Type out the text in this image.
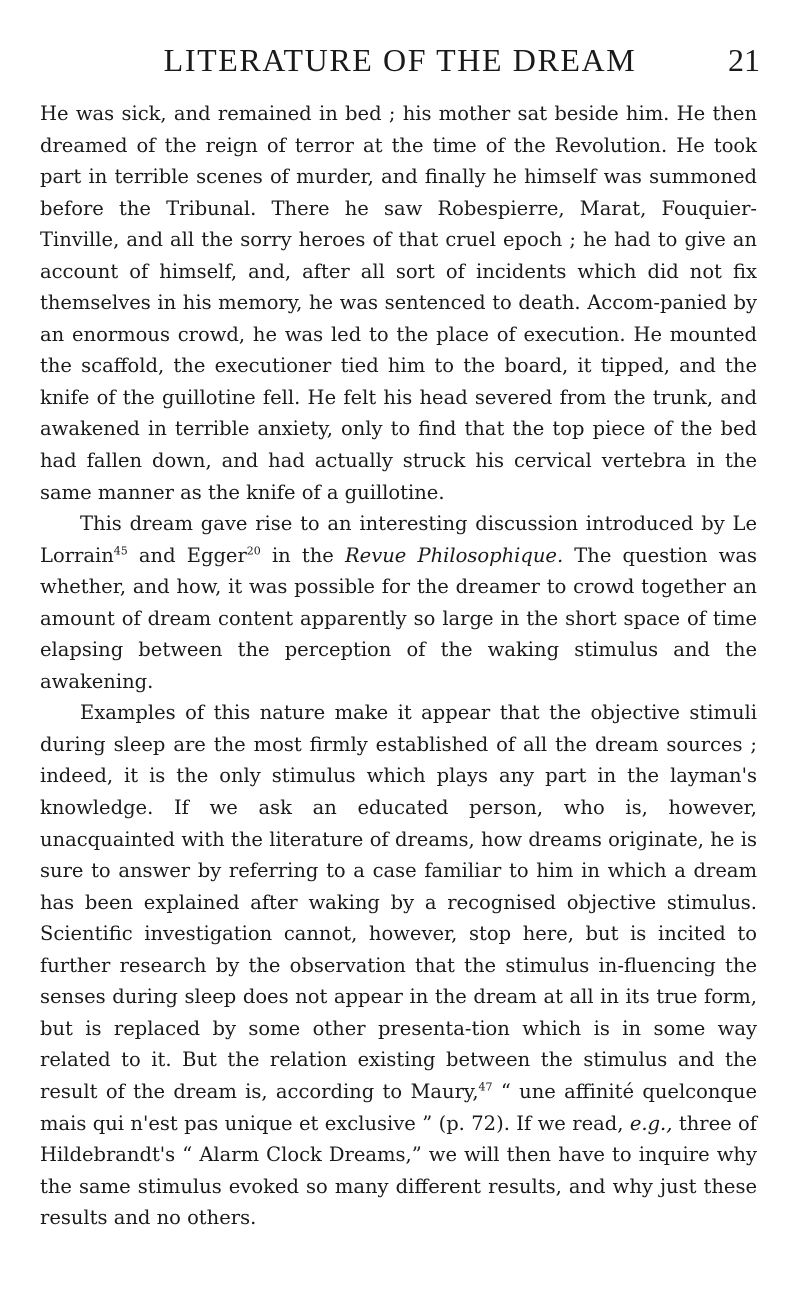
LITERATURE OF THE DREAM	21

He was sick, and remained in bed ; his mother sat beside him. He then dreamed of the reign of terror at the time of the Revolution. He took part in terrible scenes of murder, and finally he himself was summoned before the Tribunal. There he saw Robespierre, Marat, Fouquier-Tinville, and all the sorry heroes of that cruel epoch ; he had to give an account of himself, and, after all sort of incidents which did not fix themselves in his memory, he was sentenced to death. Accom-panied by an enormous crowd, he was led to the place of execution. He mounted the scaffold, the executioner tied him to the board, it tipped, and the knife of the guillotine fell. He felt his head severed from the trunk, and awakened in terrible anxiety, only to find that the top piece of the bed had fallen down, and had actually struck his cervical vertebra in the same manner as the knife of a guillotine.

This dream gave rise to an interesting discussion introduced by Le Lorrain$^{45}$ and Egger$^{20}$ in the Revue Philosophique. The question was whether, and how, it was possible for the dreamer to crowd together an amount of dream content apparently so large in the short space of time elapsing between the perception of the waking stimulus and the awakening.

Examples of this nature make it appear that the objective stimuli during sleep are the most firmly established of all the dream sources ; indeed, it is the only stimulus which plays any part in the layman's knowledge. If we ask an educated person, who is, however, unacquainted with the literature of dreams, how dreams originate, he is sure to answer by referring to a case familiar to him in which a dream has been explained after waking by a recognised objective stimulus. Scientific investigation cannot, however, stop here, but is incited to further research by the observation that the stimulus in-fluencing the senses during sleep does not appear in the dream at all in its true form, but is replaced by some other presenta-tion which is in some way related to it. But the relation existing between the stimulus and the result of the dream is, according to Maury,$^{47}$ “ une affinité quelconque mais qui n'est pas unique et exclusive ” (p. 72). If we read, e.g., three of Hildebrandt's “ Alarm Clock Dreams,” we will then have to inquire why the same stimulus evoked so many different results, and why just these results and no others.
